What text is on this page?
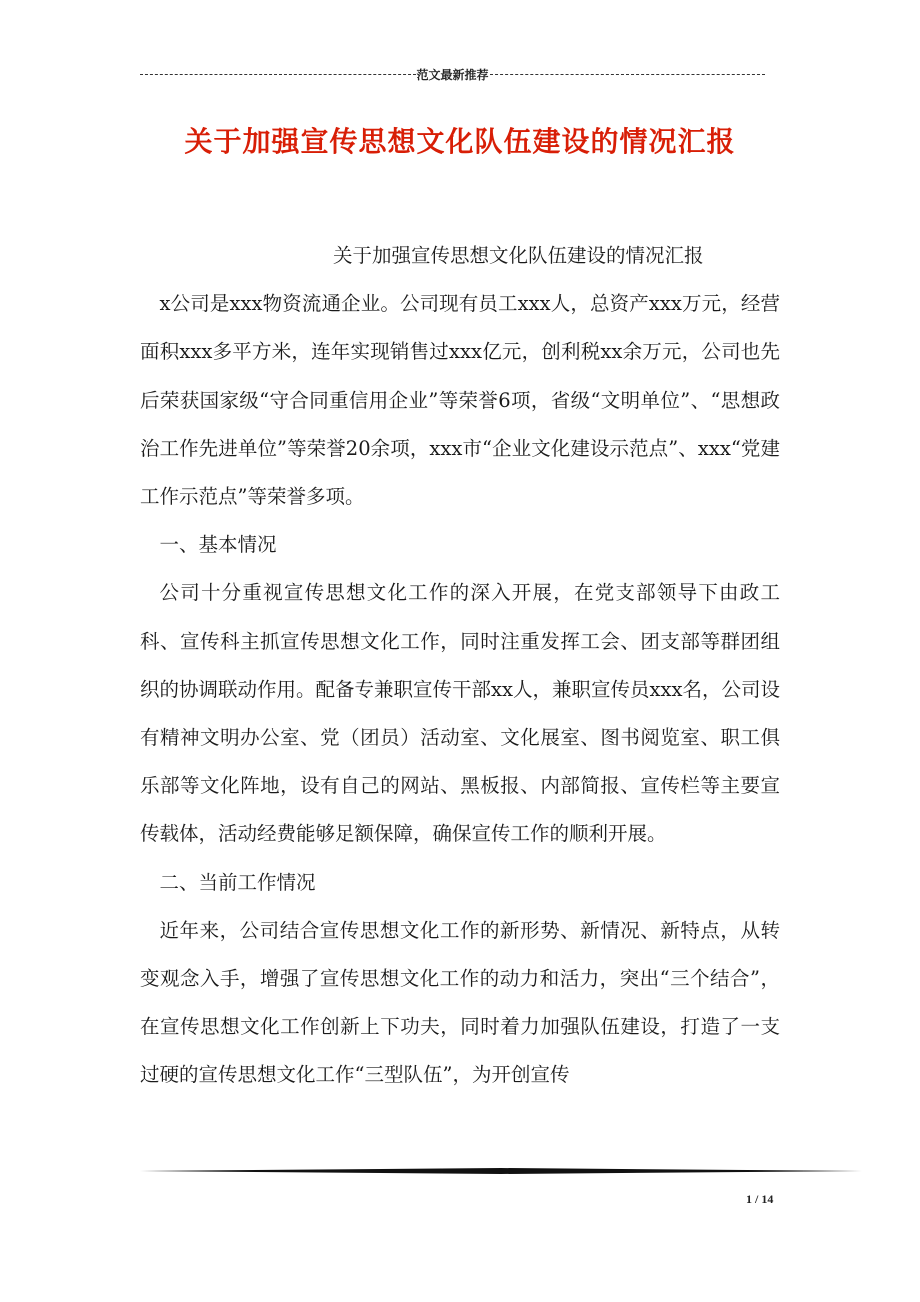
范文最新推荐
关于加强宣传思想文化队伍建设的情况汇报

关于加强宣传思想文化队伍建设的情况汇报

x公司是xxx物资流通企业。公司现有员工xxx人，总资产xxx万元，经营面积xxx多平方米，连年实现销售过xxx亿元，创利税xx余万元，公司也先后荣获国家级“守合同重信用企业”等荣誉6项，省级“文明单位”、“思想政治工作先进单位”等荣誉20余项，xxx市“企业文化建设示范点”、xxx“党建工作示范点”等荣誉多项。

一、基本情况

公司十分重视宣传思想文化工作的深入开展，在党支部领导下由政工科、宣传科主抓宣传思想文化工作，同时注重发挥工会、团支部等群团组织的协调联动作用。配备专兼职宣传干部xx人，兼职宣传员xxx名，公司设有精神文明办公室、党（团员）活动室、文化展室、图书阅览室、职工俱乐部等文化阵地，设有自己的网站、黑板报、内部简报、宣传栏等主要宣传载体，活动经费能够足额保障，确保宣传工作的顺利开展。

二、当前工作情况

近年来，公司结合宣传思想文化工作的新形势、新情况、新特点，从转变观念入手，增强了宣传思想文化工作的动力和活力，突出“三个结合”，在宣传思想文化工作创新上下功夫，同时着力加强队伍建设，打造了一支过硬的宣传思想文化工作“三型队伍”，为开创宣传

1 / 14
